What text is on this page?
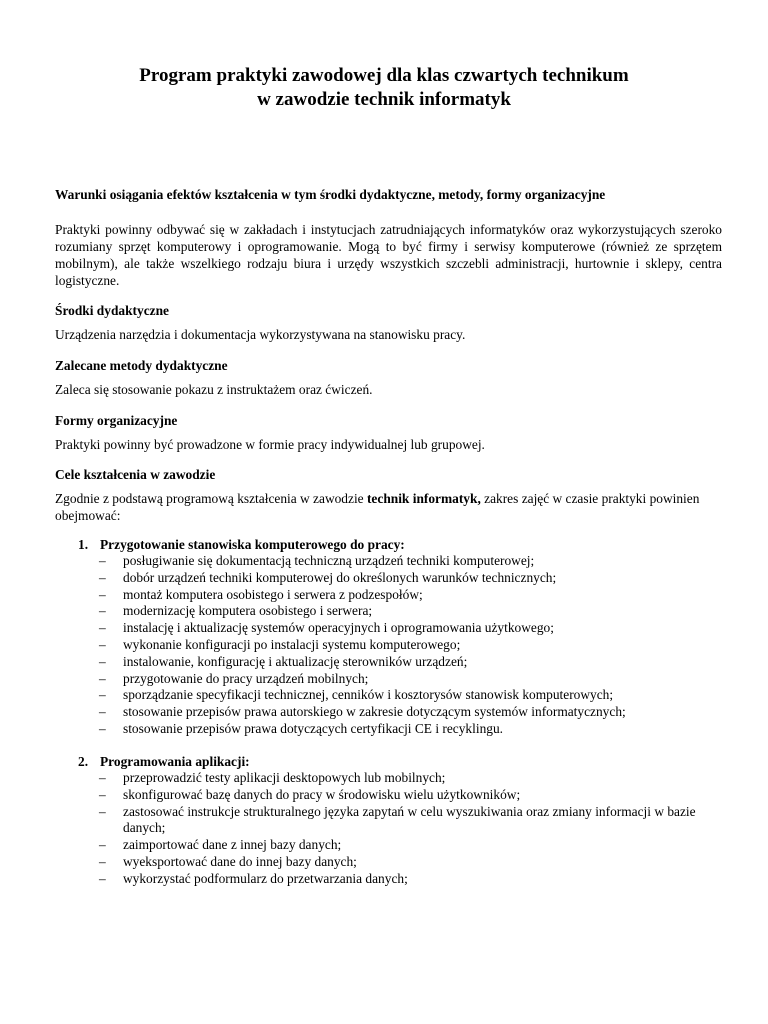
Program praktyki zawodowej dla klas czwartych technikum
w zawodzie technik informatyk
Warunki osiągania efektów kształcenia w tym środki dydaktyczne, metody, formy organizacyjne
Praktyki powinny odbywać się w zakładach i instytucjach zatrudniających informatyków oraz wykorzystujących szeroko rozumiany sprzęt komputerowy i oprogramowanie. Mogą to być firmy i serwisy komputerowe (również ze sprzętem mobilnym), ale także wszelkiego rodzaju biura i urzędy wszystkich szczebli administracji, hurtownie i sklepy, centra logistyczne.
Środki dydaktyczne
Urządzenia narzędzia i dokumentacja wykorzystywana na stanowisku pracy.
Zalecane metody dydaktyczne
Zaleca się stosowanie pokazu z instruktażem oraz ćwiczeń.
Formy organizacyjne
Praktyki powinny być prowadzone w formie pracy indywidualnej lub grupowej.
Cele kształcenia w zawodzie
Zgodnie z podstawą programową kształcenia w zawodzie technik informatyk, zakres zajęć w czasie praktyki powinien obejmować:
1. Przygotowanie stanowiska komputerowego do pracy:
– posługiwanie się dokumentacją techniczną urządzeń techniki komputerowej;
– dobór urządzeń techniki komputerowej do określonych warunków technicznych;
– montaż komputera osobistego i serwera z podzespołów;
– modernizację komputera osobistego i serwera;
– instalację i aktualizację systemów operacyjnych i oprogramowania użytkowego;
– wykonanie konfiguracji po instalacji systemu komputerowego;
– instalowanie, konfigurację i aktualizację sterowników urządzeń;
– przygotowanie do pracy urządzeń mobilnych;
– sporządzanie specyfikacji technicznej, cenników i kosztorysów stanowisk komputerowych;
– stosowanie przepisów prawa autorskiego w zakresie dotyczącym systemów informatycznych;
– stosowanie przepisów prawa dotyczących certyfikacji CE i recyklingu.
2. Programowania aplikacji:
– przeprowadzić testy aplikacji desktopowych lub mobilnych;
– skonfigurować bazę danych do pracy w środowisku wielu użytkowników;
– zastosować instrukcje strukturalnego języka zapytań w celu wyszukiwania oraz zmiany informacji w bazie danych;
– zaimportować dane z innej bazy danych;
– wyeksportować dane do innej bazy danych;
– wykorzystać podformularz do przetwarzania danych;
